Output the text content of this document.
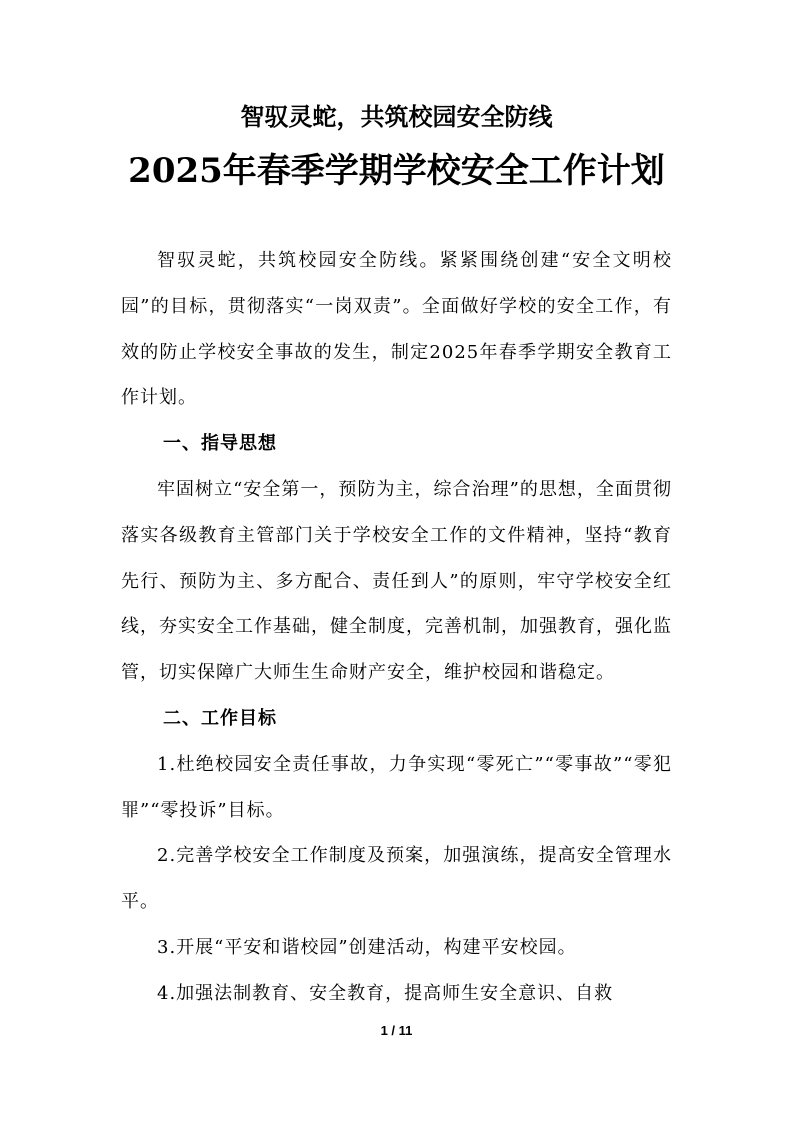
智驭灵蛇，共筑校园安全防线
2025年春季学期学校安全工作计划

智驭灵蛇，共筑校园安全防线。紧紧围绕创建“安全文明校园”的目标，贯彻落实“一岗双责”。全面做好学校的安全工作，有效的防止学校安全事故的发生，制定2025年春季学期安全教育工作计划。

一、指导思想

牢固树立“安全第一，预防为主，综合治理”的思想，全面贯彻落实各级教育主管部门关于学校安全工作的文件精神，坚持“教育先行、预防为主、多方配合、责任到人”的原则，牢守学校安全红线，夯实安全工作基础，健全制度，完善机制，加强教育，强化监管，切实保障广大师生生命财产安全，维护校园和谐稳定。

二、工作目标

1.杜绝校园安全责任事故，力争实现“零死亡”“零事故”“零犯罪”“零投诉”目标。

2.完善学校安全工作制度及预案，加强演练，提高安全管理水平。

3.开展“平安和谐校园”创建活动，构建平安校园。

4.加强法制教育、安全教育，提高师生安全意识、自救

1 / 11
